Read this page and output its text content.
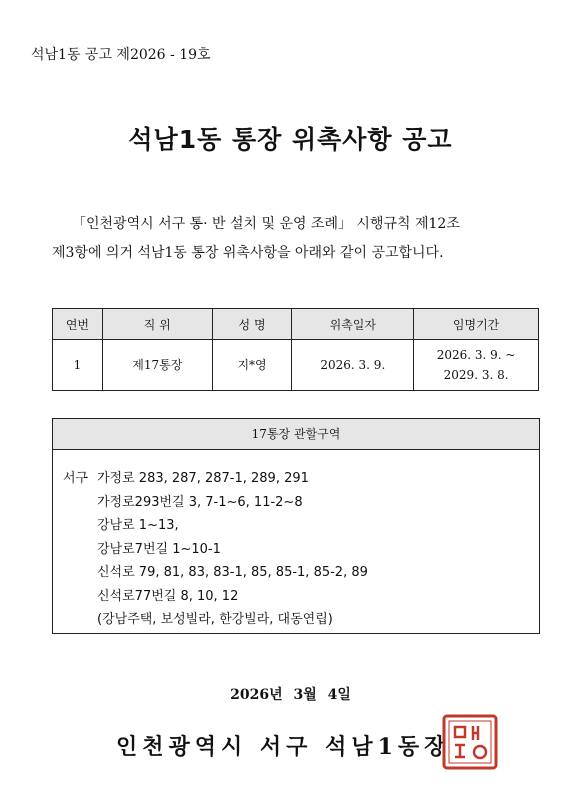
석남1동 공고 제2026 - 19호
석남1동 통장 위촉사항 공고
「인천광역시 서구 통· 반 설치 및 운영 조례」 시행규칙 제12조
제3항에 의거 석남1동 통장 위촉사항을 아래와 같이 공고합니다.
연번	직 위	성 명	위촉일자	임명기간
1	제17통장	지*영	2026. 3. 9.	2026. 3. 9. ~
2029. 3. 8.
17통장 관할구역
서구 가정로 283, 287, 287-1, 289, 291
가정로293번길 3, 7-1~6, 11-2~8
강남로 1~13,
강남로7번길 1~10-1
신석로 79, 81, 83, 83-1, 85, 85-1, 85-2, 89
신석로77번길 8, 10, 12
(강남주택, 보성빌라, 한강빌라, 대동연립)
2026년 3월 4일
인천광역시 서구 석남1동장
